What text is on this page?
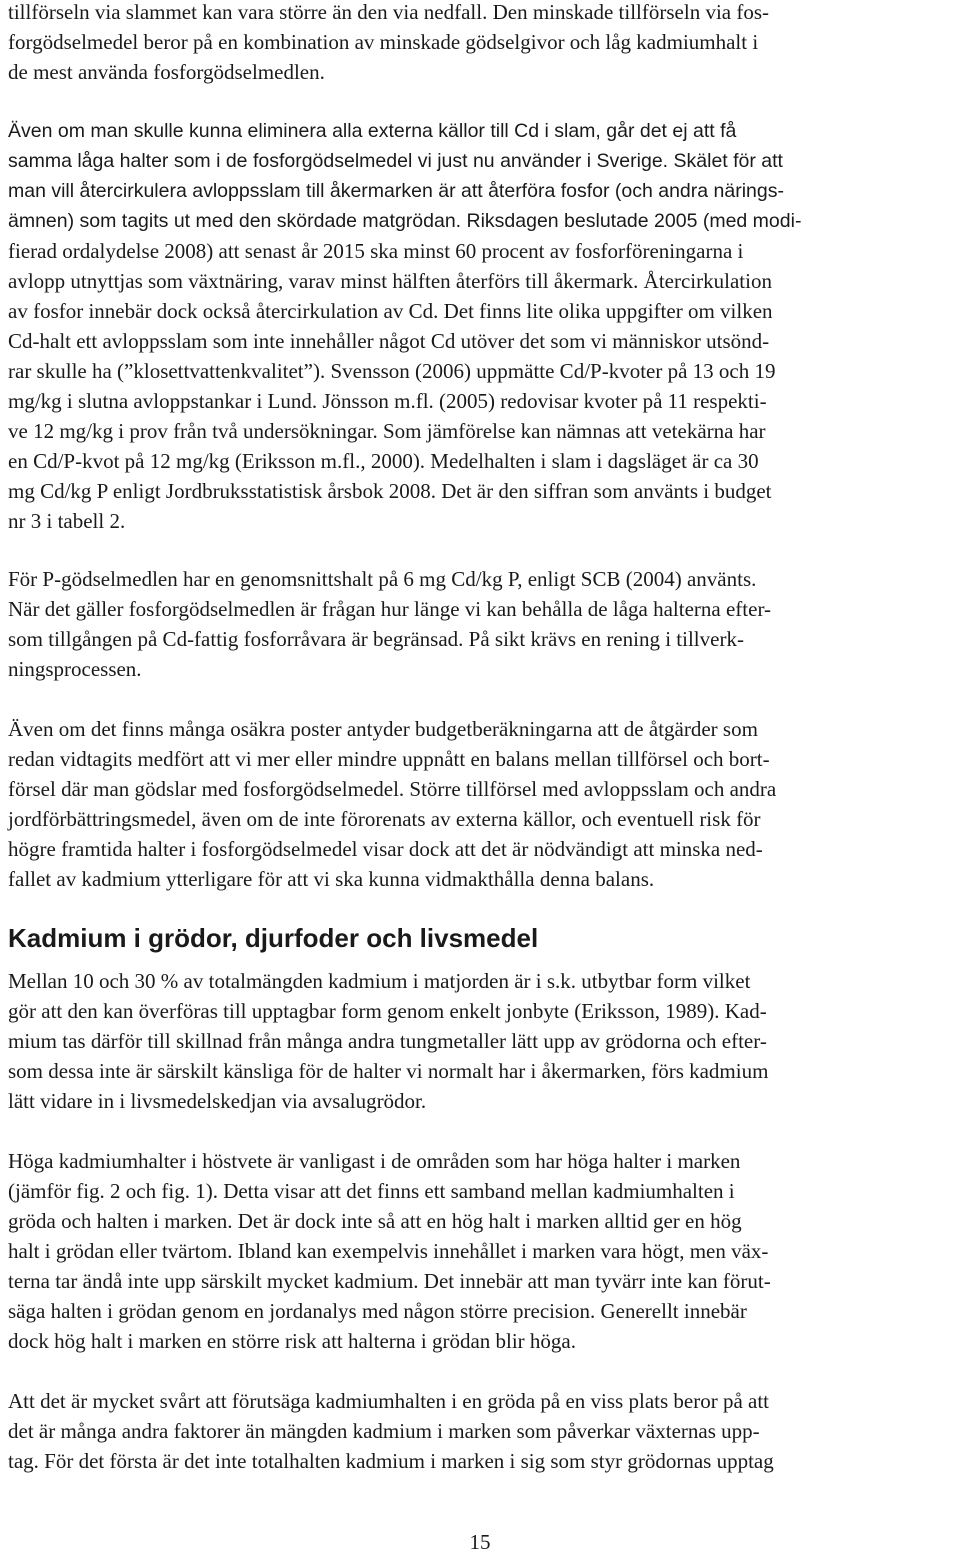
tillförseln via slammet kan vara större än den via nedfall. Den minskade tillförseln via fos-
forgödselmedel beror på en kombination av minskade gödselgivor och låg kadmiumhalt i
de mest använda fosforgödselmedlen.
Även om man skulle kunna eliminera alla externa källor till Cd i slam, går det ej att få
samma låga halter som i de fosforgödselmedel vi just nu använder i Sverige. Skälet för att
man vill återcirkulera avloppsslam till åkermarken är att återföra fosfor (och andra närings-
ämnen) som tagits ut med den skördade matgrödan. Riksdagen beslutade 2005 (med modi-
fierad ordalydelse 2008) att senast år 2015 ska minst 60 procent av fosforföreningarna i
avlopp utnyttjas som växtnäring, varav minst hälften återförs till åkermark. Återcirkulation
av fosfor innebär dock också återcirkulation av Cd. Det finns lite olika uppgifter om vilken
Cd-halt ett avloppsslam som inte innehåller något Cd utöver det som vi människor utsönd-
rar skulle ha (”klosettvattenkvalitet”). Svensson (2006) uppmätte Cd/P-kvoter på 13 och 19
mg/kg i slutna avloppstankar i Lund. Jönsson m.fl. (2005) redovisar kvoter på 11 respekti-
ve 12 mg/kg i prov från två undersökningar. Som jämförelse kan nämnas att vetekärna har
en Cd/P-kvot på 12 mg/kg (Eriksson m.fl., 2000). Medelhalten i slam i dagsläget är ca 30
mg Cd/kg P enligt Jordbruksstatistisk årsbok 2008. Det är den siffran som använts i budget
nr 3 i tabell 2.
För P-gödselmedlen har en genomsnittshalt på 6 mg Cd/kg P, enligt SCB (2004) använts.
När det gäller fosforgödselmedlen är frågan hur länge vi kan behålla de låga halterna efter-
som tillgången på Cd-fattig fosforråvara är begränsad. På sikt krävs en rening i tillverk-
ningsprocessen.
Även om det finns många osäkra poster antyder budgetberäkningarna att de åtgärder som
redan vidtagits medfört att vi mer eller mindre uppnått en balans mellan tillförsel och bort-
försel där man gödslar med fosforgödselmedel. Större tillförsel med avloppsslam och andra
jordförbättringsmedel, även om de inte förorenats av externa källor, och eventuell risk för
högre framtida halter i fosforgödselmedel visar dock att det är nödvändigt att minska ned-
fallet av kadmium ytterligare för att vi ska kunna vidmakthålla denna balans.
Kadmium i grödor, djurfoder och livsmedel
Mellan 10 och 30 % av totalmängden kadmium i matjorden är i s.k. utbytbar form vilket
gör att den kan överföras till upptagbar form genom enkelt jonbyte (Eriksson, 1989). Kad-
mium tas därför till skillnad från många andra tungmetaller lätt upp av grödorna och efter-
som dessa inte är särskilt känsliga för de halter vi normalt har i åkermarken, förs kadmium
lätt vidare in i livsmedelskedjan via avsalugrödor.
Höga kadmiumhalter i höstvete är vanligast i de områden som har höga halter i marken
(jämför fig. 2 och fig. 1). Detta visar att det finns ett samband mellan kadmiumhalten i
gröda och halten i marken. Det är dock inte så att en hög halt i marken alltid ger en hög
halt i grödan eller tvärtom. Ibland kan exempelvis innehållet i marken vara högt, men väx-
terna tar ändå inte upp särskilt mycket kadmium. Det innebär att man tyvärr inte kan förut-
säga halten i grödan genom en jordanalys med någon större precision. Generellt innebär
dock hög halt i marken en större risk att halterna i grödan blir höga.
Att det är mycket svårt att förutsäga kadmiumhalten i en gröda på en viss plats beror på att
det är många andra faktorer än mängden kadmium i marken som påverkar växternas upp-
tag. För det första är det inte totalhalten kadmium i marken i sig som styr grödornas upptag
15
